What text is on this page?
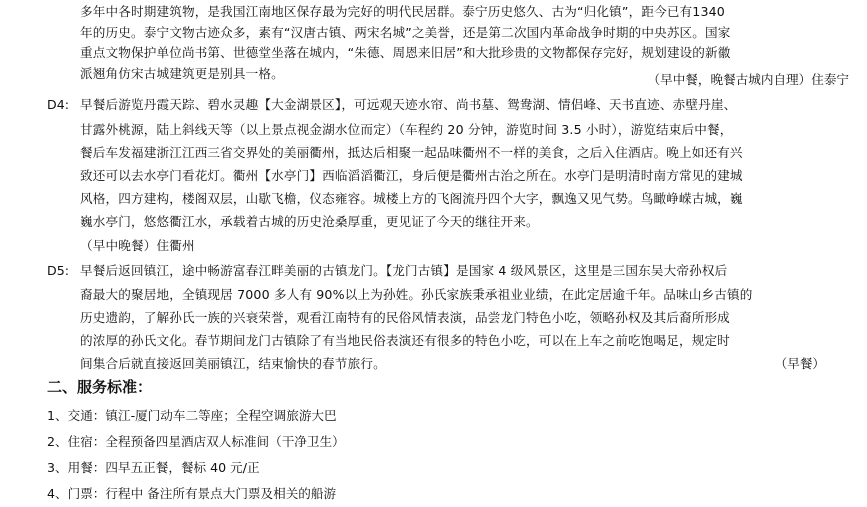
多年中各时期建筑物，是我国江南地区保存最为完好的明代民居群。泰宁历史悠久、古为“归化镇”，距今已有1340
年的历史。泰宁文物古迹众多，素有“汉唐古镇、两宋名城”之美誉，还是第二次国内革命战争时期的中央苏区。国家
重点文物保护单位尚书第、世德堂坐落在城内，“朱德、周恩来旧居”和大批珍贵的文物都保存完好，规划建设的新徽
派翘角仿宋古城建筑更是别具一格。	（早中餐，晚餐古城内自理）住泰宁
D4: 早餐后游览丹霞天踪、碧水灵趣【大金湖景区】，可远观天迹水帘、尚书墓、鸳鸯湖、情侣峰、天书直迹、赤壁丹崖、
甘露外桃源，陆上斜线天等（以上景点视金湖水位而定）（车程约 20 分钟，游览时间 3.5 小时），游览结束后中餐，
餐后车发福建浙江江西三省交界处的美丽衢州，抵达后相聚一起品味衢州不一样的美食，之后入住酒店。晚上如还有兴
致还可以去水亭门看花灯。衢州【水亭门】西临滔滔衢江，身后便是衢州古治之所在。水亭门是明清时南方常见的建城
风格，四方建构，楼阁双层，山歇飞檐，仪态雍容。城楼上方的飞阁流丹四个大字，飘逸又见气势。鸟瞰峥嵘古城，巍
巍水亭门，悠悠衢江水，承载着古城的历史沧桑厚重，更见证了今天的继往开来。
（早中晚餐）住衢州
D5: 早餐后返回镇江，途中畅游富春江畔美丽的古镇龙门。【龙门古镇】是国家 4 级风景区，这里是三国东吴大帝孙权后
裔最大的聚居地，全镇现居 7000 多人有 90%以上为孙姓。孙氏家族秉承祖业业绩，在此定居逾千年。品味山乡古镇的
历史遗韵，了解孙氏一族的兴衰荣誉，观看江南特有的民俗风情表演，品尝龙门特色小吃，领略孙权及其后裔所形成
的浓厚的孙氏文化。春节期间龙门古镇除了有当地民俗表演还有很多的特色小吃，可以在上车之前吃饱喝足，规定时
间集合后就直接返回美丽镇江，结束愉快的春节旅行。	（早餐）
二、服务标准：
1、交通：镇江-厦门动车二等座；全程空调旅游大巴
2、住宿：全程预备四星酒店双人标准间（干净卫生）
3、用餐：四早五正餐，餐标 40 元/正
4、门票：行程中 备注所有景点大门票及相关的船游
